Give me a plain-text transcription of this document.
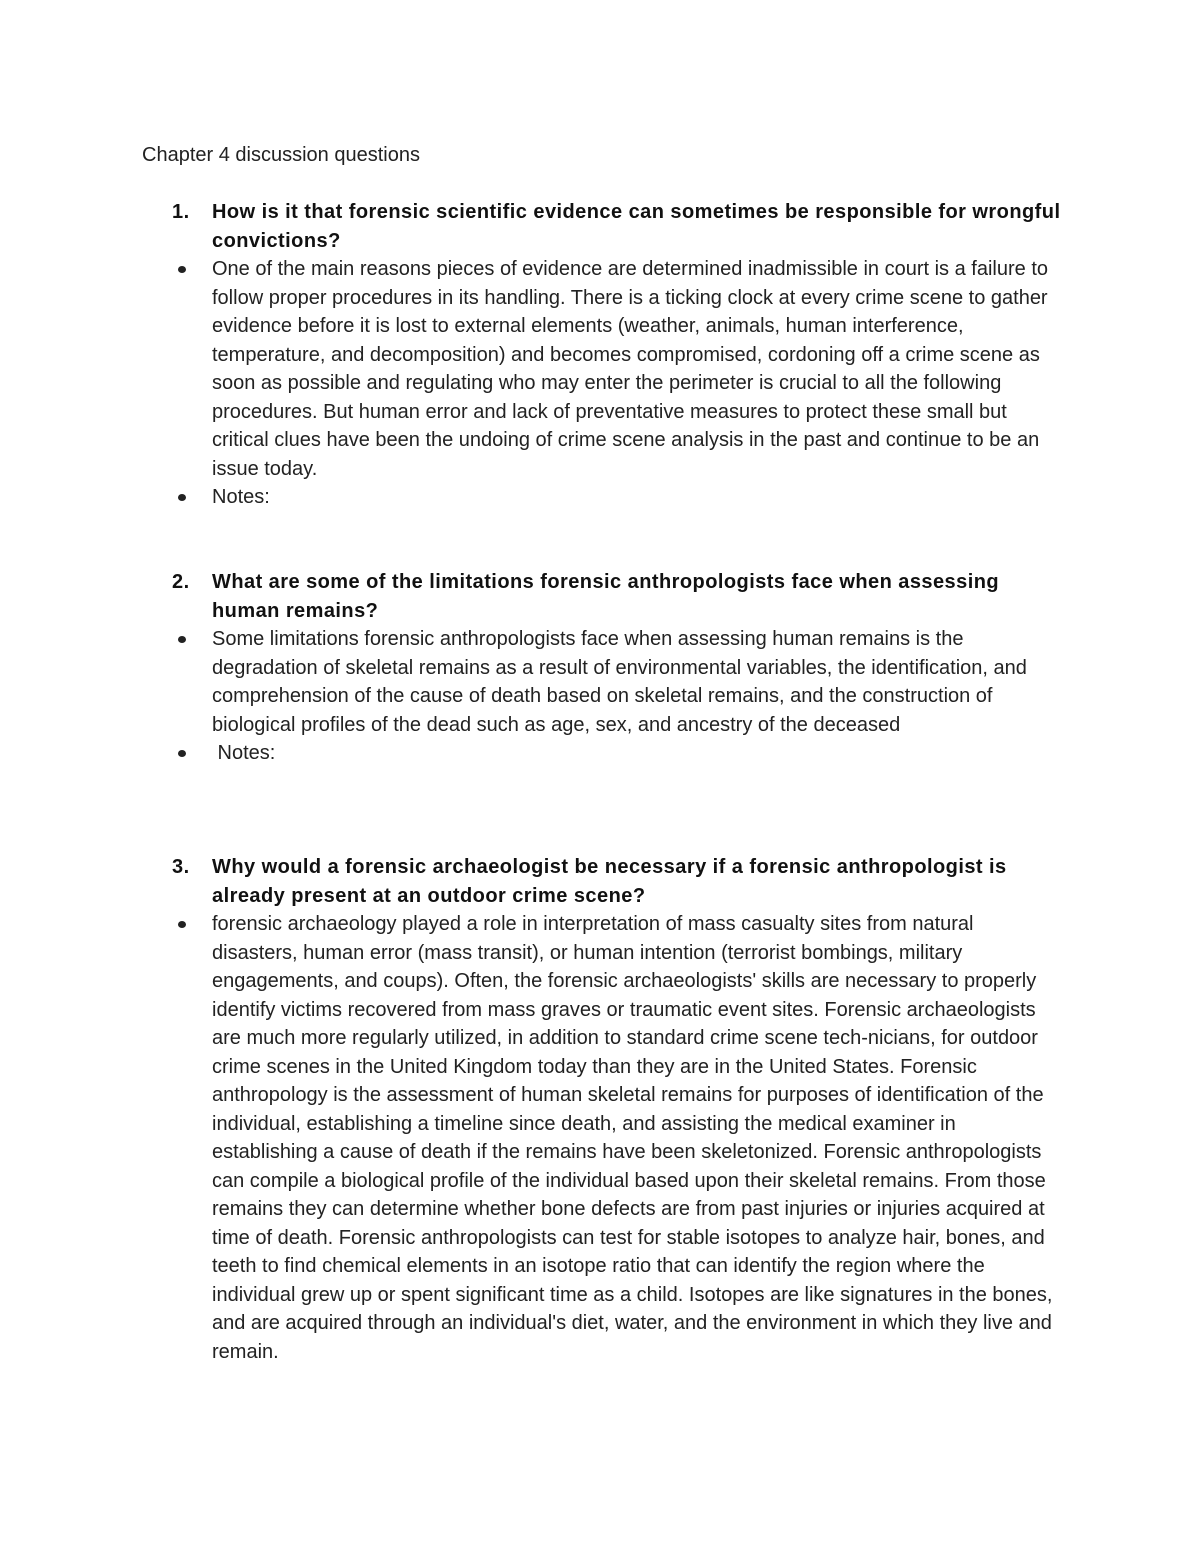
Chapter 4 discussion questions
1.	How is it that forensic scientific evidence can sometimes be responsible for wrongful convictions?
One of the main reasons pieces of evidence are determined inadmissible in court is a failure to follow proper procedures in its handling. There is a ticking clock at every crime scene to gather evidence before it is lost to external elements (weather, animals, human interference, temperature, and decomposition) and becomes compromised, cordoning off a crime scene as soon as possible and regulating who may enter the perimeter is crucial to all the following procedures. But human error and lack of preventative measures to protect these small but critical clues have been the undoing of crime scene analysis in the past and continue to be an issue today.
Notes:
2.	What are some of the limitations forensic anthropologists face when assessing human remains?
Some limitations forensic anthropologists face when assessing human remains is the degradation of skeletal remains as a result of environmental variables, the identification, and comprehension of the cause of death based on skeletal remains, and the construction of biological profiles of the dead such as age, sex, and ancestry of the deceased
Notes:
3.	Why would a forensic archaeologist be necessary if a forensic anthropologist is already present at an outdoor crime scene?
forensic archaeology played a role in interpretation of mass casualty sites from natural disasters, human error (mass transit), or human intention (terrorist bombings, military engagements, and coups). Often, the forensic archaeologists' skills are necessary to properly identify victims recovered from mass graves or traumatic event sites. Forensic archaeologists are much more regularly utilized, in addition to standard crime scene tech-nicians, for outdoor crime scenes in the United Kingdom today than they are in the United States. Forensic anthropology is the assessment of human skeletal remains for purposes of identification of the individual, establishing a timeline since death, and assisting the medical examiner in establishing a cause of death if the remains have been skeletonized. Forensic anthropologists can compile a biological profile of the individual based upon their skeletal remains. From those remains they can determine whether bone defects are from past injuries or injuries acquired at time of death. Forensic anthropologists can test for stable isotopes to analyze hair, bones, and teeth to find chemical elements in an isotope ratio that can identify the region where the individual grew up or spent significant time as a child. Isotopes are like signatures in the bones, and are acquired through an individual's diet, water, and the environment in which they live and remain.
